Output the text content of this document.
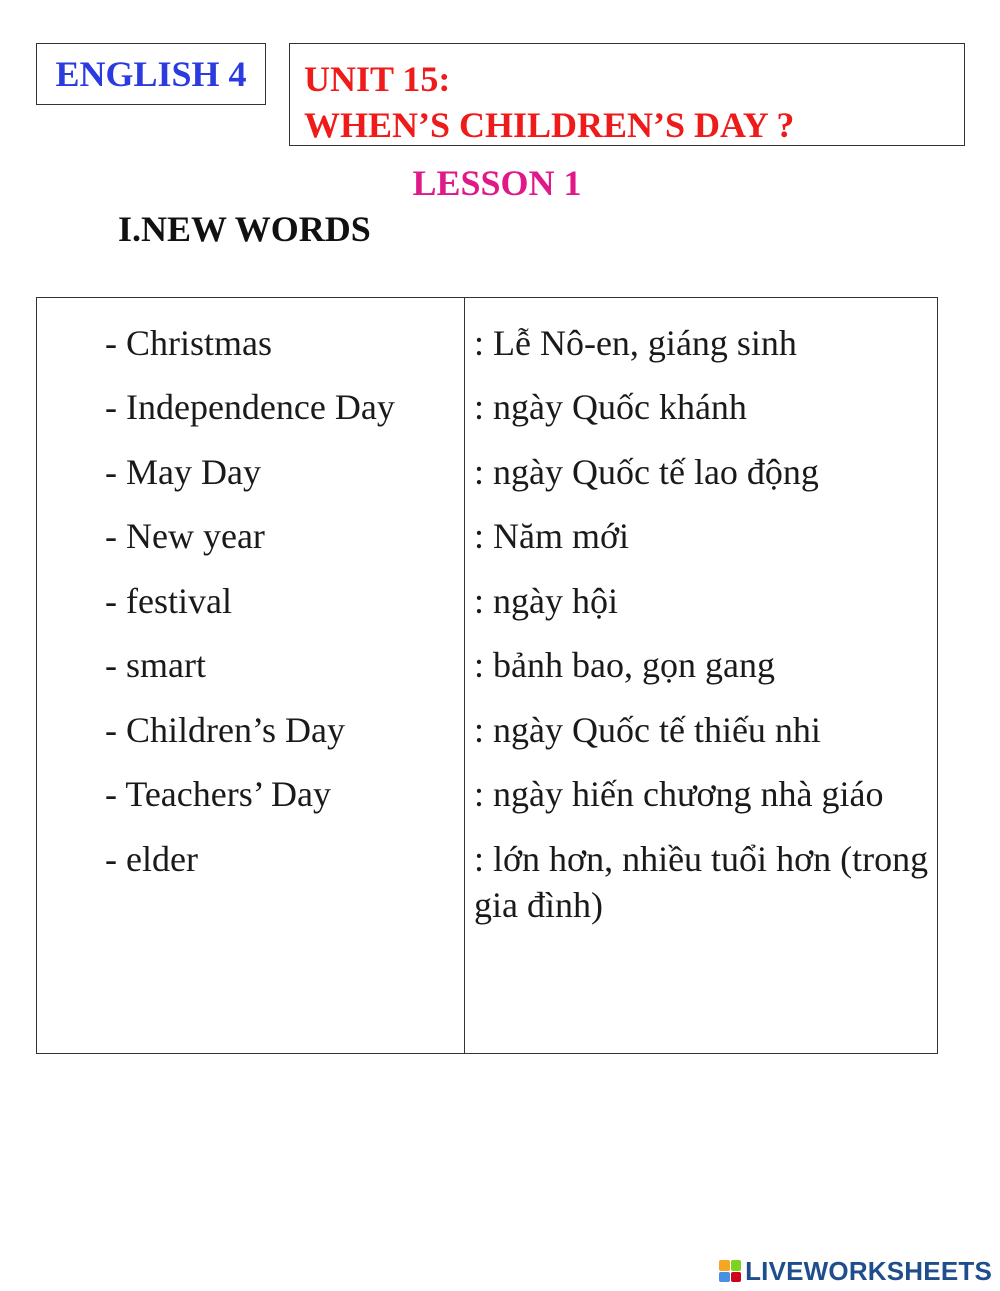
ENGLISH 4 UNIT 15:
WHEN’S CHILDREN’S DAY ?
LESSON 1
I.NEW WORDS
- Christmas	: Lễ Nô-en, giáng sinh
- Independence Day : ngày Quốc khánh
- May Day	: ngày Quốc tế lao động
- New year	: Năm mới
- festival	: ngày hội
- smart	: bảnh bao, gọn gang
- Children’s Day	: ngày Quốc tế thiếu nhi
- Teachers’ Day	: ngày hiến chương nhà giáo
- elder	: lớn hơn, nhiều tuổi hơn (trong gia đình)
LIVEWORKSHEETS
